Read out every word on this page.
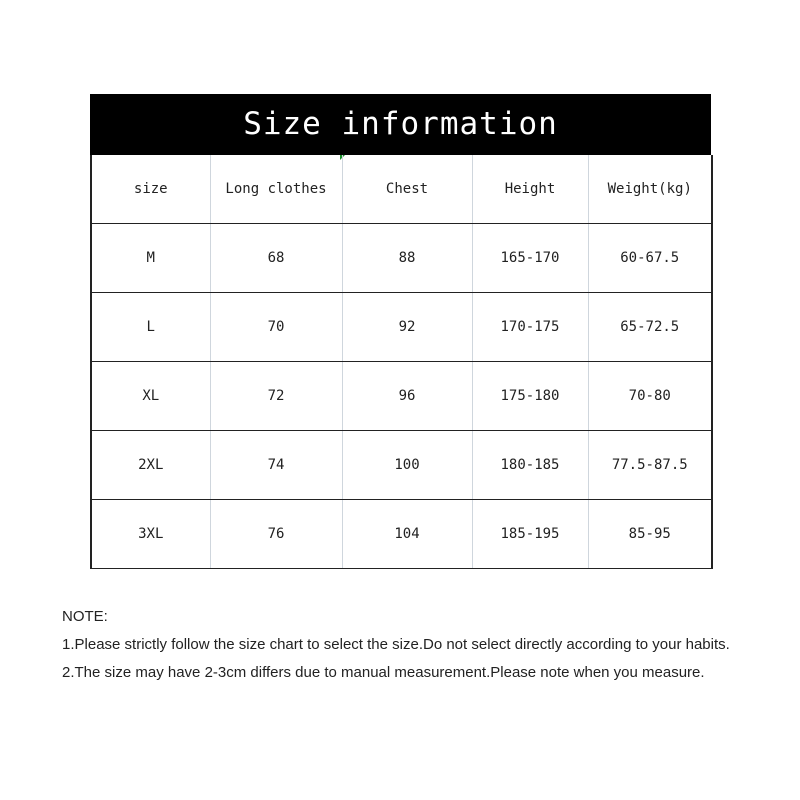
Size information
size	Long clothes	Chest	Height	Weight(kg)
M	68	88	165-170	60-67.5
L	70	92	170-175	65-72.5
XL	72	96	175-180	70-80
2XL	74	100	180-185	77.5-87.5
3XL	76	104	185-195	85-95
NOTE:
1.Please strictly follow the size chart to select the size.Do not select directly according to your habits.
2.The size may have 2-3cm differs due to manual measurement.Please note when you measure.
